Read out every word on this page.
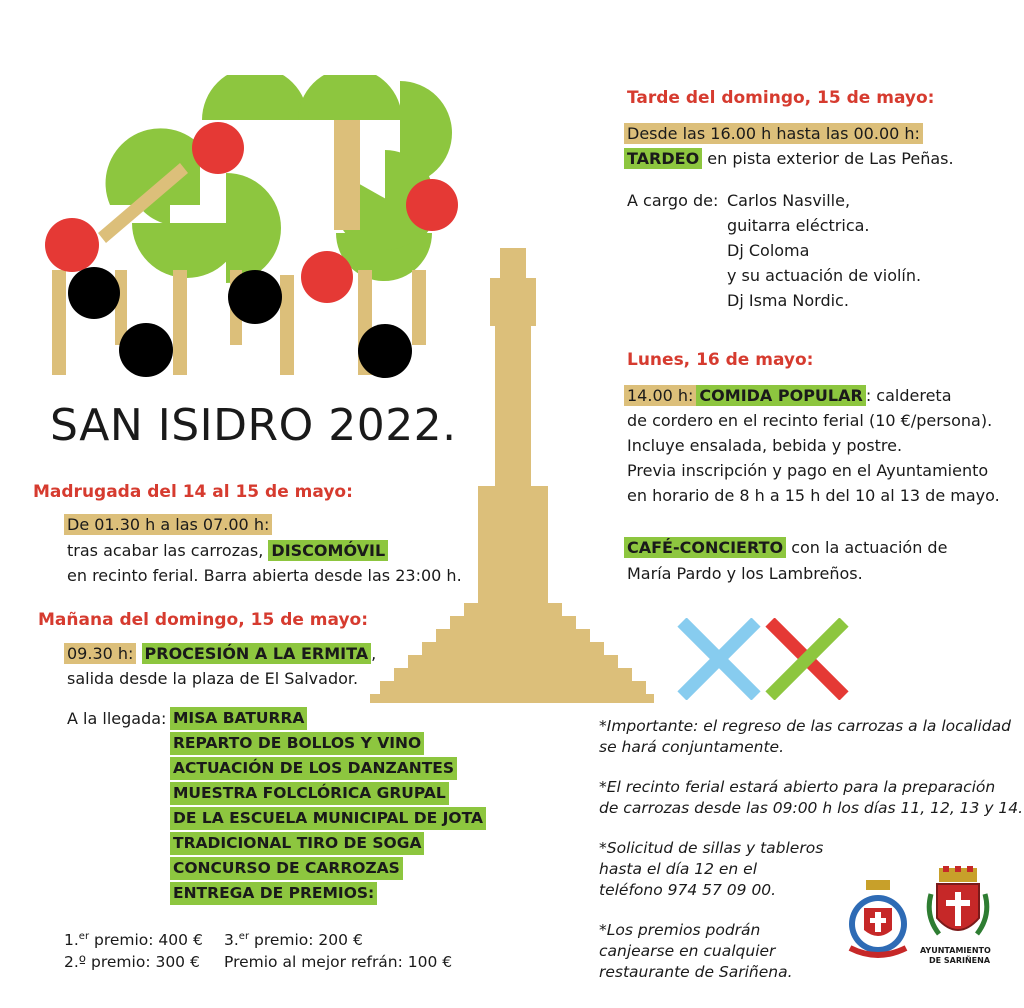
SAN ISIDRO 2022.
Madrugada del 14 al 15 de mayo:
De 01.30 h a las 07.00 h:
tras acabar las carrozas, DISCOMÓVIL
en recinto ferial. Barra abierta desde las 23:00 h.
Mañana del domingo, 15 de mayo:
09.30 h: PROCESIÓN A LA ERMITA ,
salida desde la plaza de El Salvador.
A la llegada: MISA BATURRA
REPARTO DE BOLLOS Y VINO
ACTUACIÓN DE LOS DANZANTES
MUESTRA FOLCLÓRICA GRUPAL
DE LA ESCUELA MUNICIPAL DE JOTA
TRADICIONAL TIRO DE SOGA
CONCURSO DE CARROZAS
ENTREGA DE PREMIOS:
1.$^{er}$ premio: 400 €
2.º premio: 300 €
3.$^{er}$ premio: 200 €
Premio al mejor refrán: 100 €
Tarde del domingo, 15 de mayo:
Desde las 16.00 h hasta las 00.00 h:
TARDEO en pista exterior de Las Peñas.
A cargo de: Carlos Nasville,
guitarra eléctrica.
Dj Coloma
y su actuación de violín.
Dj Isma Nordic.
Lunes, 16 de mayo:
14.00 h: COMIDA POPULAR : caldereta
de cordero en el recinto ferial (10 €/persona).
Incluye ensalada, bebida y postre.
Previa inscripción y pago en el Ayuntamiento
en horario de 8 h a 15 h del 10 al 13 de mayo.
CAFÉ-CONCIERTO con la actuación de
María Pardo y los Lambreños.
*Importante: el regreso de las carrozas a la localidad
se hará conjuntamente.
*El recinto ferial estará abierto para la preparación
de carrozas desde las 09:00 h los días 11, 12, 13 y 14.
*Solicitud de sillas y tableros
hasta el día 12 en el
teléfono 974 57 09 00.
*Los premios podrán
canjearse en cualquier
restaurante de Sariñena.
AYUNTAMIENTO
DE SARIÑENA
